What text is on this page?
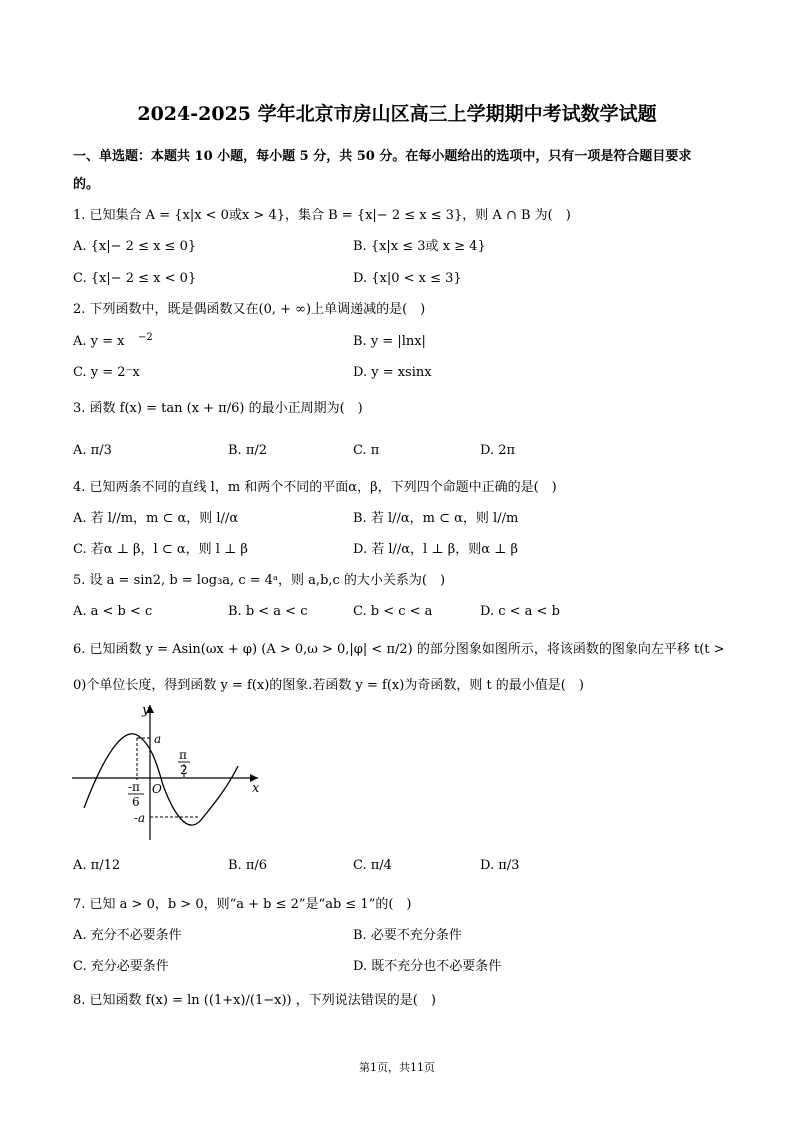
2024-2025 学年北京市房山区高三上学期期中考试数学试题
一、单选题：本题共 10 小题，每小题 5 分，共 50 分。在每小题给出的选项中，只有一项是符合题目要求
的。
1. 已知集合 A = {x|x < 0或x > 4}，集合 B = {x|− 2 ≤ x ≤ 3}，则 A ∩ B 为(　)
A. {x|− 2 ≤ x ≤ 0}	B. {x|x ≤ 3或 x ≥ 4}
C. {x|− 2 ≤ x < 0}	D. {x|0 < x ≤ 3}
2. 下列函数中，既是偶函数又在(0, + ∞)上单调递减的是(　)
A. y = x −2	B. y = |lnx|
C. y = 2⁻x	D. y = xsinx
3. 函数 f(x) = tan (x + π/6) 的最小正周期为(　)
A. π/3	B. π/2	C. π	D. 2π
4. 已知两条不同的直线 l，m 和两个不同的平面α，β，下列四个命题中正确的是(　)
A. 若 l//m，m ⊂ α，则 l//α	B. 若 l//α，m ⊂ α，则 l//m
C. 若α ⊥ β，l ⊂ α，则 l ⊥ β	D. 若 l//α，l ⊥ β，则α ⊥ β
5. 设 a = sin2, b = log₃a, c = 4ᵃ，则 a,b,c 的大小关系为(　)
A. a < b < c	B. b < a < c	C. b < c < a	D. c < a < b
6. 已知函数 y = Asin(ωx + φ) (A > 0,ω > 0,|φ| < π/2) 的部分图象如图所示，将该函数的图象向左平移 t(t >
0)个单位长度，得到函数 y = f(x)的图象.若函数 y = f(x)为奇函数，则 t 的最小值是(　)
y
x
O
a
-a
π
2
-π
6
A. π/12	B. π/6	C. π/4	D. π/3
7. 已知 a > 0，b > 0，则“a + b ≤ 2”是“ab ≤ 1”的(　)
A. 充分不必要条件	B. 必要不充分条件
C. 充分必要条件	D. 既不充分也不必要条件
8. 已知函数 f(x) = ln ((1+x)/(1−x)) ，下列说法错误的是(　)
第1页，共11页
